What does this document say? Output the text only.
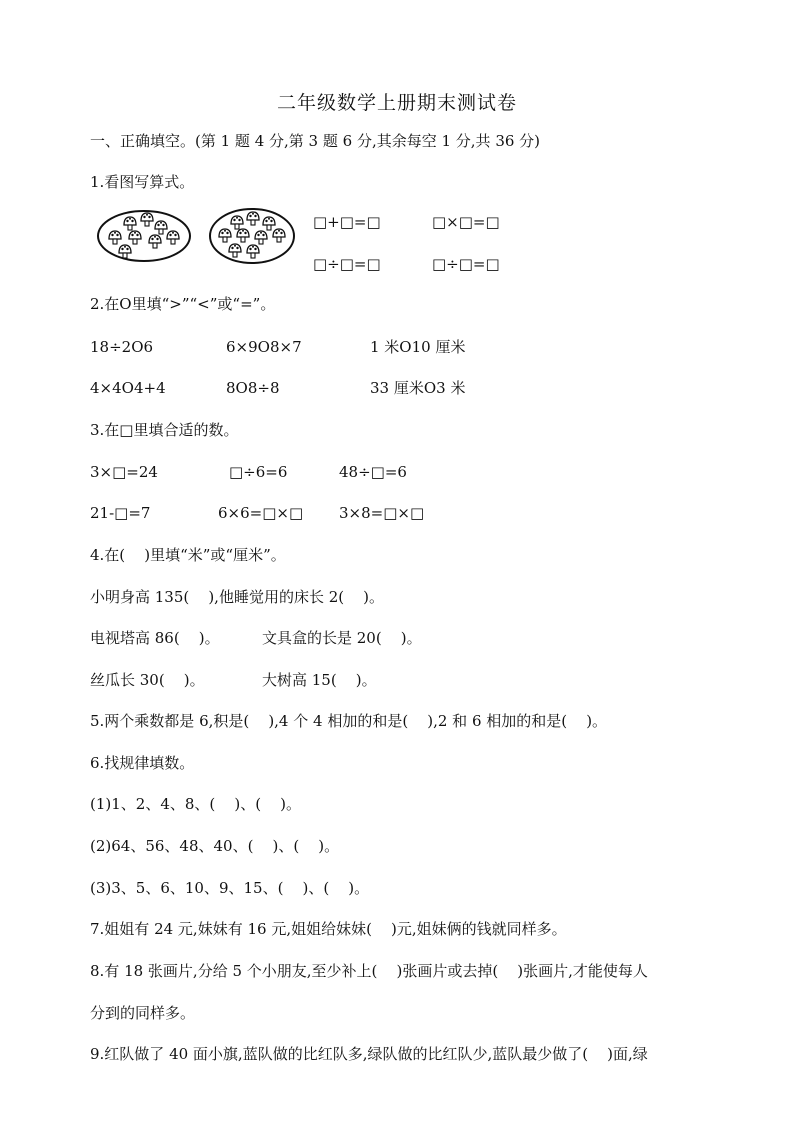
二年级数学上册期末测试卷
一、正确填空。(第 1 题 4 分,第 3 题 6 分,其余每空 1 分,共 36 分)
1.看图写算式。
□+□=□	□×□=□
□÷□=□	□÷□=□
2.在O里填“>”“<”或“=”。
18÷2O6	6×9O8×7	1 米O10 厘米
4×4O4+4	8O8÷8	33 厘米O3 米
3.在□里填合适的数。
3×□=24	□÷6=6	48÷□=6
21-□=7	6×6=□×□ 3×8=□×□
4.在(    )里填“米”或“厘米”。
小明身高 135(    ),他睡觉用的床长 2(    )。
电视塔高 86(    )。	文具盒的长是 20(    )。
丝瓜长 30(    )。	大树高 15(    )。
5.两个乘数都是 6,积是(    ),4 个 4 相加的和是(    ),2 和 6 相加的和是(    )。
6.找规律填数。
(1)1、2、4、8、(    )、(    )。
(2)64、56、48、40、(    )、(    )。
(3)3、5、6、10、9、15、(    )、(    )。
7.姐姐有 24 元,妹妹有 16 元,姐姐给妹妹(    )元,姐妹俩的钱就同样多。
8.有 18 张画片,分给 5 个小朋友,至少补上(    )张画片或去掉(    )张画片,才能使每人
分到的同样多。
9.红队做了 40 面小旗,蓝队做的比红队多,绿队做的比红队少,蓝队最少做了(    )面,绿
